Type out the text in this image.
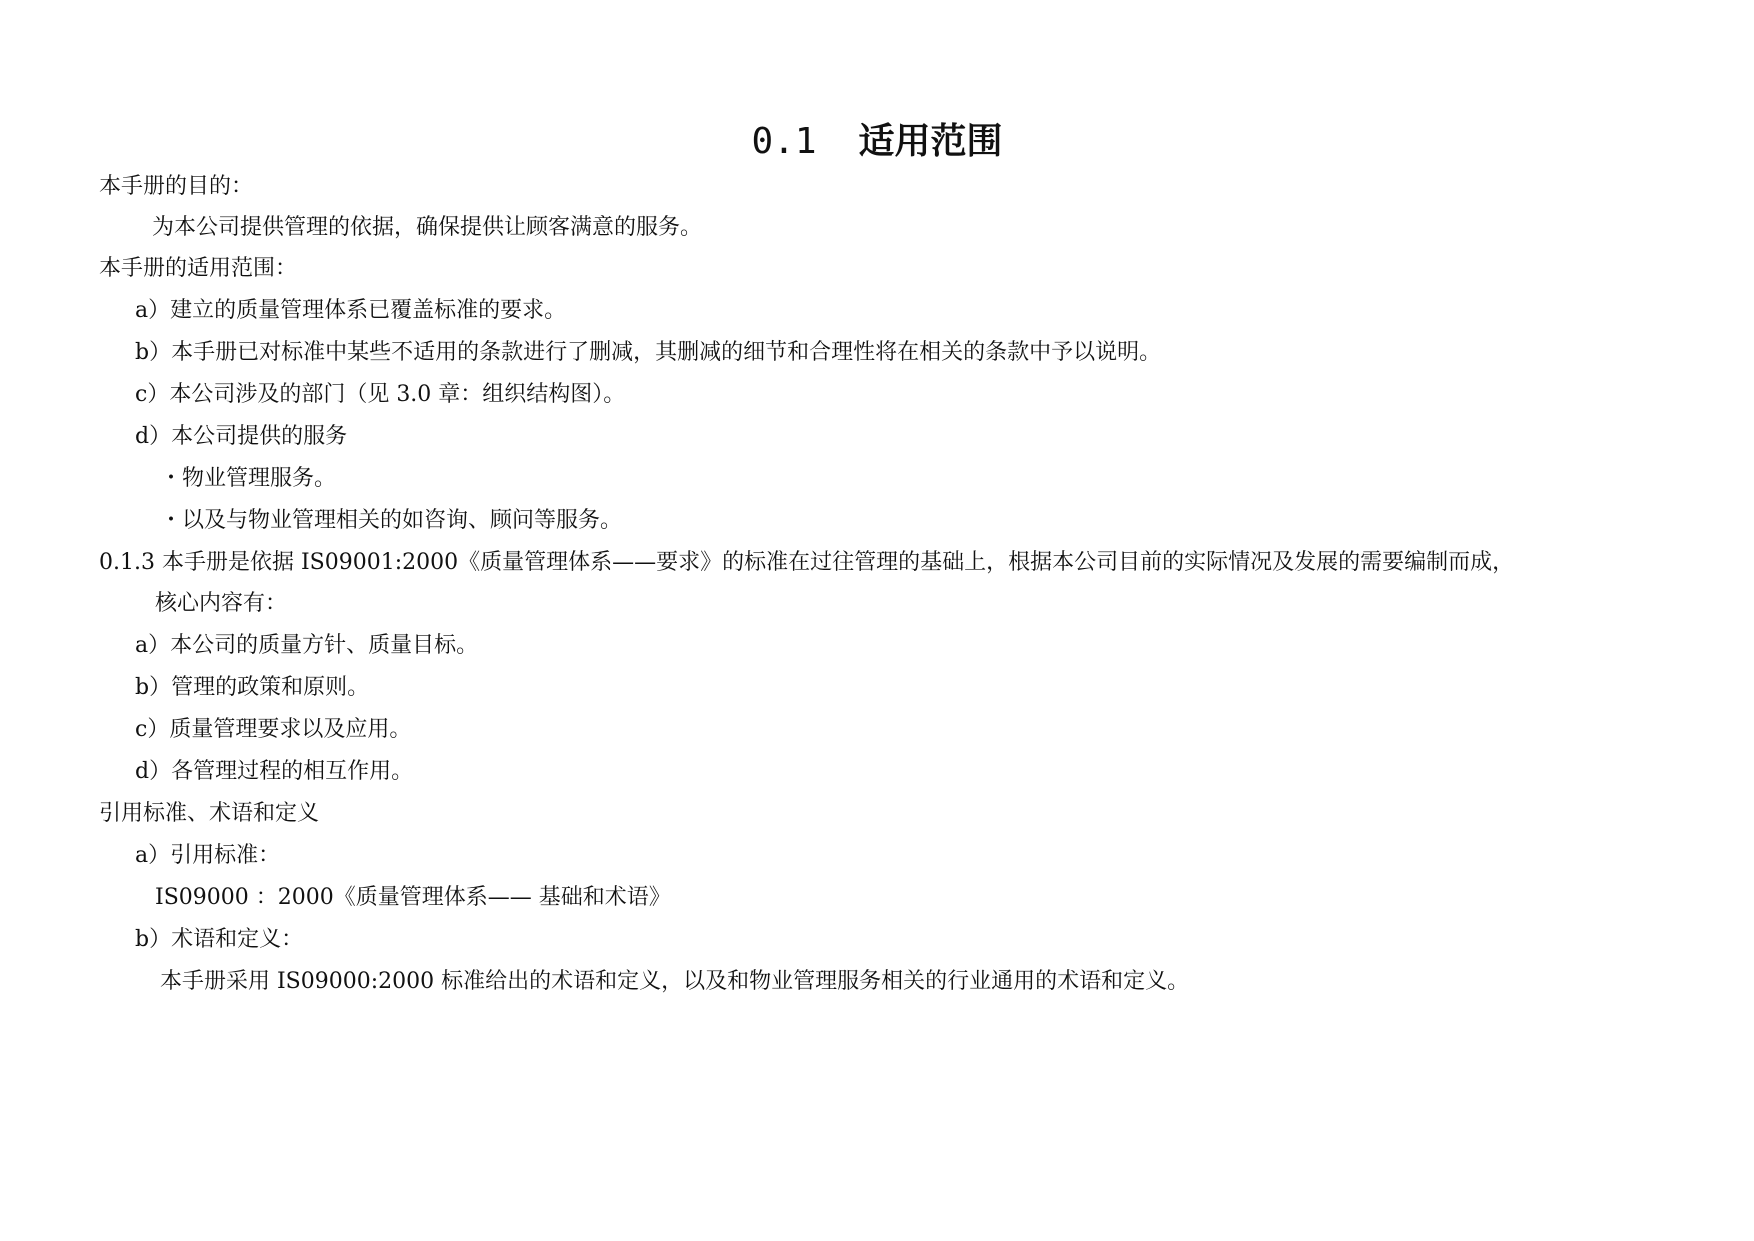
0.1 适用范围
本手册的目的：
为本公司提供管理的依据，确保提供让顾客满意的服务。
本手册的适用范围：
a）建立的质量管理体系已覆盖标准的要求。
b）本手册已对标准中某些不适用的条款进行了删减，其删减的细节和合理性将在相关的条款中予以说明。
c）本公司涉及的部门（见 3.0 章：组织结构图）。
d）本公司提供的服务
・物业管理服务。
・以及与物业管理相关的如咨询、顾问等服务。
0.1.3 本手册是依据 IS09001:2000《质量管理体系——要求》的标准在过往管理的基础上，根据本公司目前的实际情况及发展的需要编制而成，
核心内容有：
a）本公司的质量方针、质量目标。
b）管理的政策和原则。
c）质量管理要求以及应用。
d）各管理过程的相互作用。
引用标准、术语和定义
a）引用标准：
IS09000 ：2000《质量管理体系—— 基础和术语》
b）术语和定义：
本手册采用 IS09000:2000 标准给出的术语和定义，以及和物业管理服务相关的行业通用的术语和定义。
